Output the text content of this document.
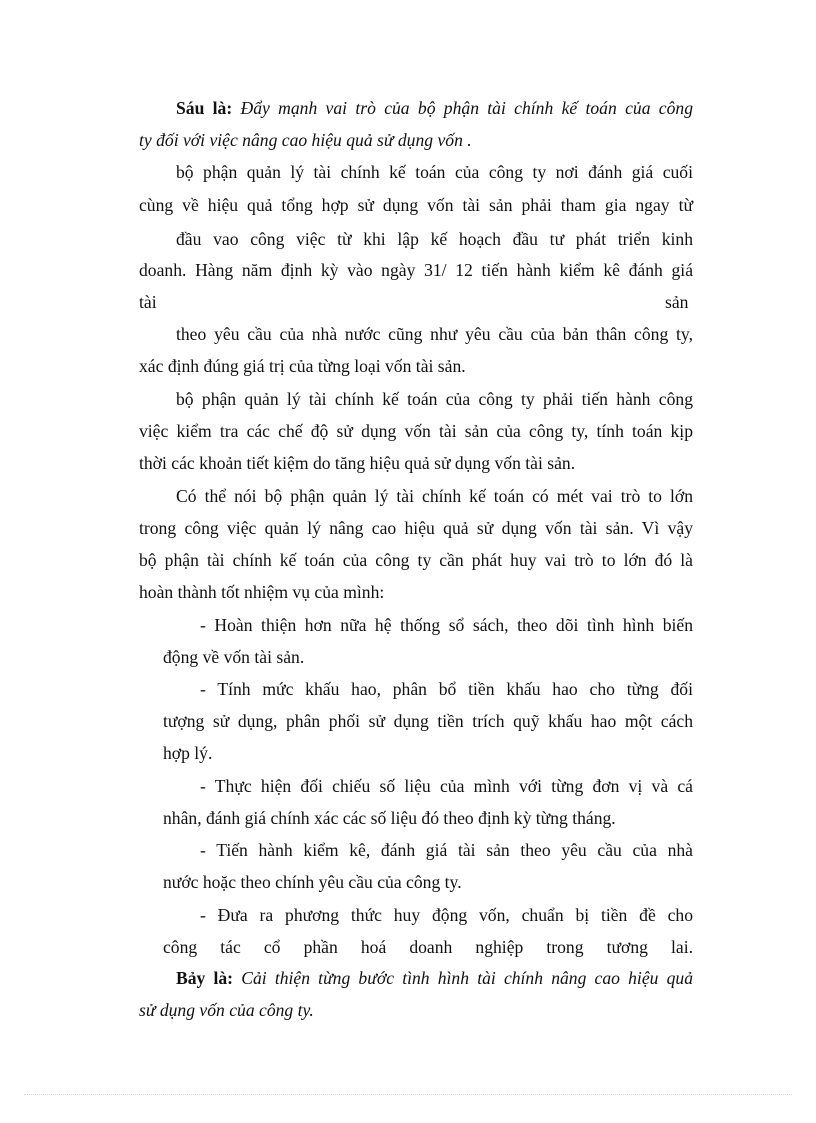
Sáu là: Đẩy mạnh vai trò của bộ phận tài chính kế toán của công
ty đối với việc nâng cao hiệu quả sử dụng vốn .
bộ phận quản lý tài chính kế toán của công ty nơi đánh giá cuối
cùng về hiệu quả tổng hợp sử dụng vốn tài sản phải tham gia ngay từ
đầu vao công việc từ khi lập kế hoạch đầu tư phát triển kinh
doanh. Hàng năm định kỳ vào ngày 31/ 12 tiến hành kiểm kê đánh giá
tài	sản
theo yêu cầu của nhà nước cũng như yêu cầu của bản thân công ty,
xác định đúng giá trị của từng loại vốn tài sản.
bộ phận quản lý tài chính kế toán của công ty phải tiến hành công
việc kiểm tra các chế độ sử dụng vốn tài sản của công ty, tính toán kịp
thời các khoản tiết kiệm do tăng hiệu quả sử dụng vốn tài sản.
Có thể nói bộ phận quản lý tài chính kế toán có mét vai trò to lớn
trong công việc quản lý nâng cao hiệu quả sử dụng vốn tài sản. Vì vậy
bộ phận tài chính kế toán của công ty cần phát huy vai trò to lớn đó là
hoàn thành tốt nhiệm vụ của mình:
- Hoàn thiện hơn nữa hệ thống sổ sách, theo dõi tình hình biến
động về vốn tài sản.
- Tính mức khấu hao, phân bổ tiền khấu hao cho từng đối
tượng sử dụng, phân phối sử dụng tiền trích quỹ khấu hao một cách
hợp lý.
- Thực hiện đối chiếu số liệu của mình với từng đơn vị và cá
nhân, đánh giá chính xác các số liệu đó theo định kỳ từng tháng.
- Tiến hành kiểm kê, đánh giá tài sản theo yêu cầu của nhà
nước hoặc theo chính yêu cầu của công ty.
- Đưa ra phương thức huy động vốn, chuẩn bị tiền đề cho
công tác cổ phần hoá doanh nghiệp trong tương lai.
Bảy là: Cải thiện từng bước tình hình tài chính nâng cao hiệu quả
sử dụng vốn của công ty.
